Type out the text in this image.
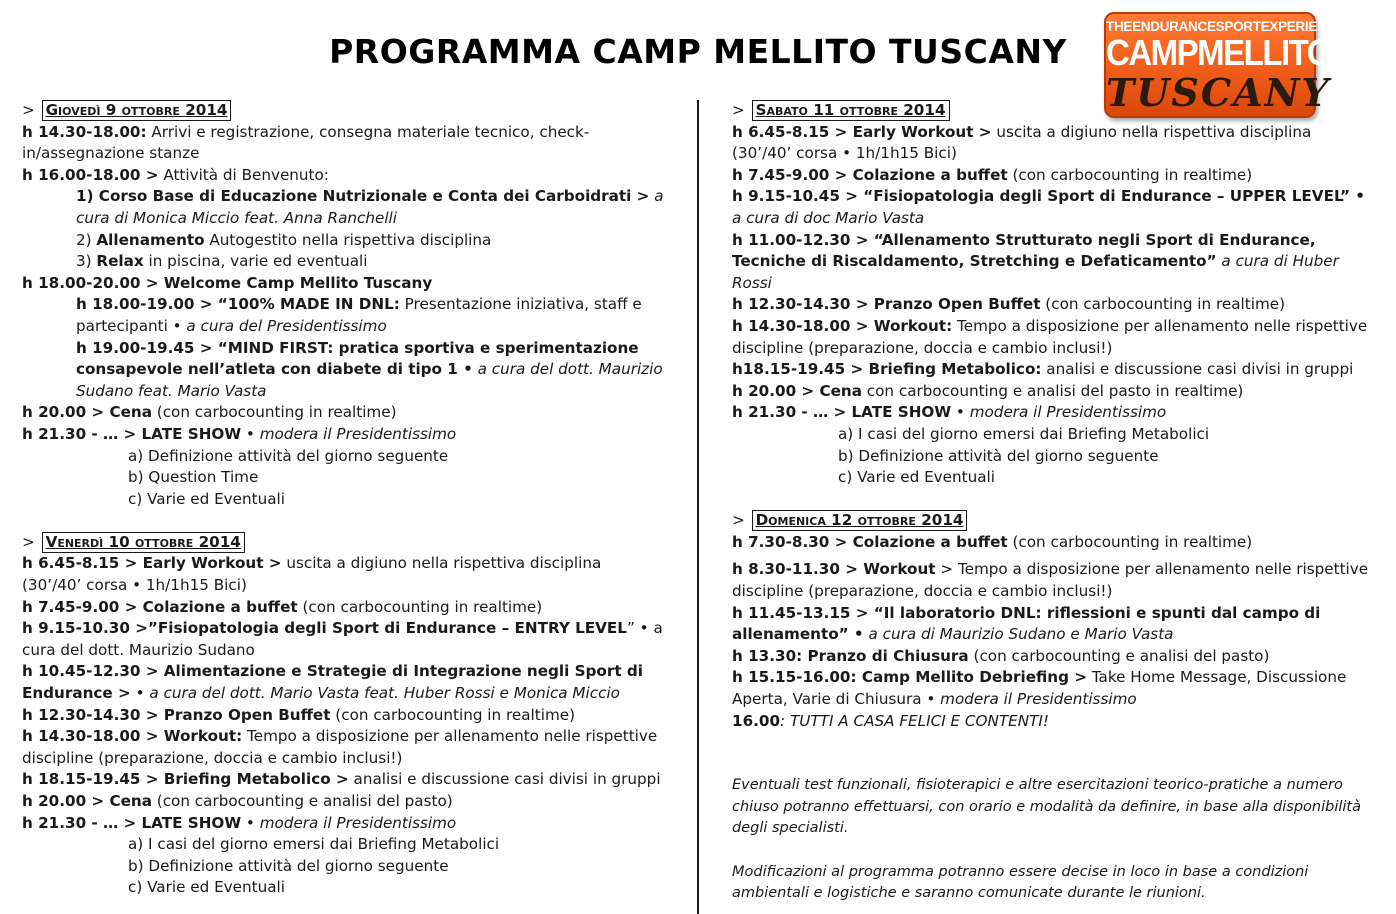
PROGRAMMA CAMP MELLITO TUSCANY
THEENDURANCESPORTEXPERIENCE
CAMPMELLITO3.0
TUSCANY
> Giovedì 9 ottobre 2014
h 14.30-18.00: Arrivi e registrazione, consegna materiale tecnico, check-in/assegnazione stanze
h 16.00-18.00 > Attività di Benvenuto:
1) Corso Base di Educazione Nutrizionale e Conta dei Carboidrati > a cura di Monica Miccio feat. Anna Ranchelli
2) Allenamento Autogestito nella rispettiva disciplina
3) Relax in piscina, varie ed eventuali
h 18.00-20.00 > Welcome Camp Mellito Tuscany
h 18.00-19.00 > “100% MADE IN DNL: Presentazione iniziativa, staff e partecipanti • a cura del Presidentissimo
h 19.00-19.45 > “MIND FIRST: pratica sportiva e sperimentazione consapevole nell’atleta con diabete di tipo 1 • a cura del dott. Maurizio Sudano feat. Mario Vasta
h 20.00 > Cena (con carbocounting in realtime)
h 21.30 - … > LATE SHOW • modera il Presidentissimo
a) Definizione attività del giorno seguente
b) Question Time
c) Varie ed Eventuali
> Venerdì 10 ottobre 2014
h 6.45-8.15 > Early Workout > uscita a digiuno nella rispettiva disciplina
(30’/40’ corsa • 1h/1h15 Bici)
h 7.45-9.00 > Colazione a buffet (con carbocounting in realtime)
h 9.15-10.30 >”Fisiopatologia degli Sport di Endurance – ENTRY LEVEL” • a cura del dott. Maurizio Sudano
h 10.45-12.30 > Alimentazione e Strategie di Integrazione negli Sport di Endurance > • a cura del dott. Mario Vasta feat. Huber Rossi e Monica Miccio
h 12.30-14.30 > Pranzo Open Buffet (con carbocounting in realtime)
h 14.30-18.00 > Workout: Tempo a disposizione per allenamento nelle rispettive discipline (preparazione, doccia e cambio inclusi!)
h 18.15-19.45 > Briefing Metabolico > analisi e discussione casi divisi in gruppi
h 20.00 > Cena (con carbocounting e analisi del pasto)
h 21.30 - … > LATE SHOW • modera il Presidentissimo
a) I casi del giorno emersi dai Briefing Metabolici
b) Definizione attività del giorno seguente
c) Varie ed Eventuali
> Sabato 11 ottobre 2014
h 6.45-8.15 > Early Workout > uscita a digiuno nella rispettiva disciplina
(30’/40’ corsa • 1h/1h15 Bici)
h 7.45-9.00 > Colazione a buffet (con carbocounting in realtime)
h 9.15-10.45 > “Fisiopatologia degli Sport di Endurance – UPPER LEVEL” • a cura di doc Mario Vasta
h 11.00-12.30 > “Allenamento Strutturato negli Sport di Endurance, Tecniche di Riscaldamento, Stretching e Defaticamento” a cura di Huber Rossi
h 12.30-14.30 > Pranzo Open Buffet (con carbocounting in realtime)
h 14.30-18.00 > Workout: Tempo a disposizione per allenamento nelle rispettive discipline (preparazione, doccia e cambio inclusi!)
h18.15-19.45 > Briefing Metabolico: analisi e discussione casi divisi in gruppi
h 20.00 > Cena con carbocounting e analisi del pasto in realtime)
h 21.30 - … > LATE SHOW • modera il Presidentissimo
a) I casi del giorno emersi dai Briefing Metabolici
b) Definizione attività del giorno seguente
c) Varie ed Eventuali
> Domenica 12 ottobre 2014
h 7.30-8.30 > Colazione a buffet (con carbocounting in realtime)
h 8.30-11.30 > Workout > Tempo a disposizione per allenamento nelle rispettive discipline (preparazione, doccia e cambio inclusi!)
h 11.45-13.15 > “Il laboratorio DNL: riflessioni e spunti dal campo di allenamento” • a cura di Maurizio Sudano e Mario Vasta
h 13.30: Pranzo di Chiusura (con carbocounting e analisi del pasto)
h 15.15-16.00: Camp Mellito Debriefing > Take Home Message, Discussione Aperta, Varie di Chiusura • modera il Presidentissimo
16.00: TUTTI A CASA FELICI E CONTENTI!
Eventuali test funzionali, fisioterapici e altre esercitazioni teorico-pratiche a numero chiuso potranno effettuarsi, con orario e modalità da definire, in base alla disponibilità degli specialisti.
Modificazioni al programma potranno essere decise in loco in base a condizioni ambientali e logistiche e saranno comunicate durante le riunioni.
